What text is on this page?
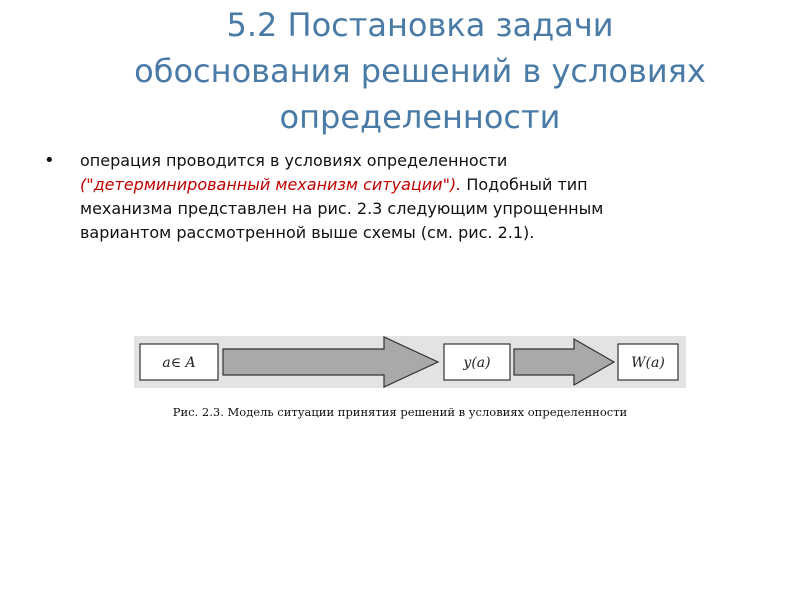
5.2 Постановка задачи
обоснования решений в условиях
определенности
•	операция проводится в условиях определенности ("детерминированный механизм ситуации"). Подобный тип механизма представлен на рис. 2.3 следующим упрощенным вариантом рассмотренной выше схемы (см. рис. 2.1).
a∈ A	y(a)	W(a)
Рис. 2.3. Модель ситуации принятия решений в условиях определенности
